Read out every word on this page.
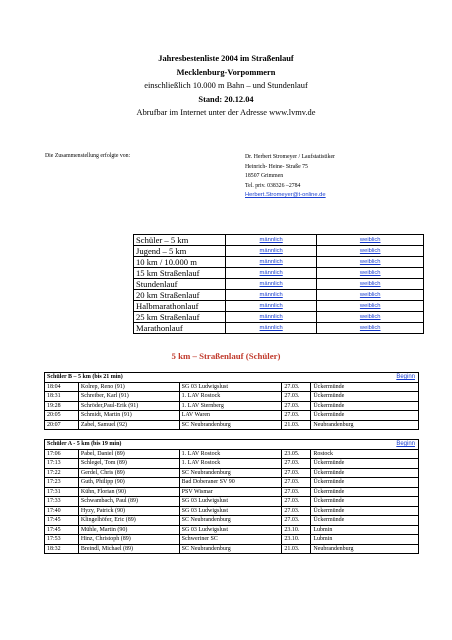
Jahresbestenliste 2004 im Straßenlauf
Mecklenburg-Vorpommern
einschließlich 10.000 m Bahn – und Stundenlauf
Stand: 20.12.04
Abrufbar im Internet unter der Adresse www.lvmv.de
Die Zusammenstellung erfolgte von:	Dr. Herbert Stromeyer / Laufstatistiker
Heinrich- Heine- Straße 75
18507 Grimmen
Tel. priv. 038326 –2784
Herbert.Stromeyer@t-online.de
Schüler – 5 km	männlich	weiblich
Jugend – 5 km	männlich	weiblich
10 km / 10.000 m	männlich	weiblich
15 km Straßenlauf	männlich	weiblich
Stundenlauf	männlich	weiblich
20 km Straßenlauf	männlich	weiblich
Halbmarathonlauf	männlich	weiblich
25 km Straßenlauf	männlich	weiblich
Marathonlauf	männlich	weiblich
5 km – Straßenlauf (Schüler)
Schüler B – 5 km (bis 21 min)				Beginn
18:04	Kolrep, Reno (91)	SG 03 Ludwigslust	27.03.	Ückermünde
18:31	Schreiber, Karl (91)	1. LAV Rostock	27.03.	Ückermünde
19:28	Schröder,Paul-Erik (91)	1. LAV Sternberg	27.03.	Ückermünde
20:05	Schmidt, Martin (91)	LAV Waren	27.03.	Ückermünde
20:07	Zabel, Samuel (92)	SC Neubrandenburg	21.03.	Neubrandenburg

Schüler A - 5 km (bis 19 min)				Beginn
17:06	Pabel, Daniel (89)	1. LAV Rostock	23.05.	Rostock
17:13	Schlegel, Tom (89)	1. LAV Rostock	27.03.	Ückermünde
17:22	Gerdel, Chris (89)	SC Neubrandenburg	27.03.	Ückermünde
17:23	Guth, Philipp (90)	Bad Doberaner SV 90	27.03.	Ückermünde
17:31	Kühn, Florian (90)	PSV Wismar	27.03.	Ückermünde
17:33	Schwambach, Paul (89)	SG 03 Ludwigslust	27.03.	Ückermünde
17:40	Hyzy, Patrick (90)	SG 03 Ludwigslust	27.03.	Ückermünde
17:45	Klingelhöfer, Eric (89)	SC Neubrandenburg	27.03.	Ückermünde
17:45	Mühle, Martin (90)	SG 03 Ludwigslust	23.10.	Lubmin
17:53	Hinz, Christoph (89)	Schweriner SC	23.10.	Lubmin
18:32	Breindl, Michael (89)	SC Neubrandenburg	21.03.	Neubrandenburg
